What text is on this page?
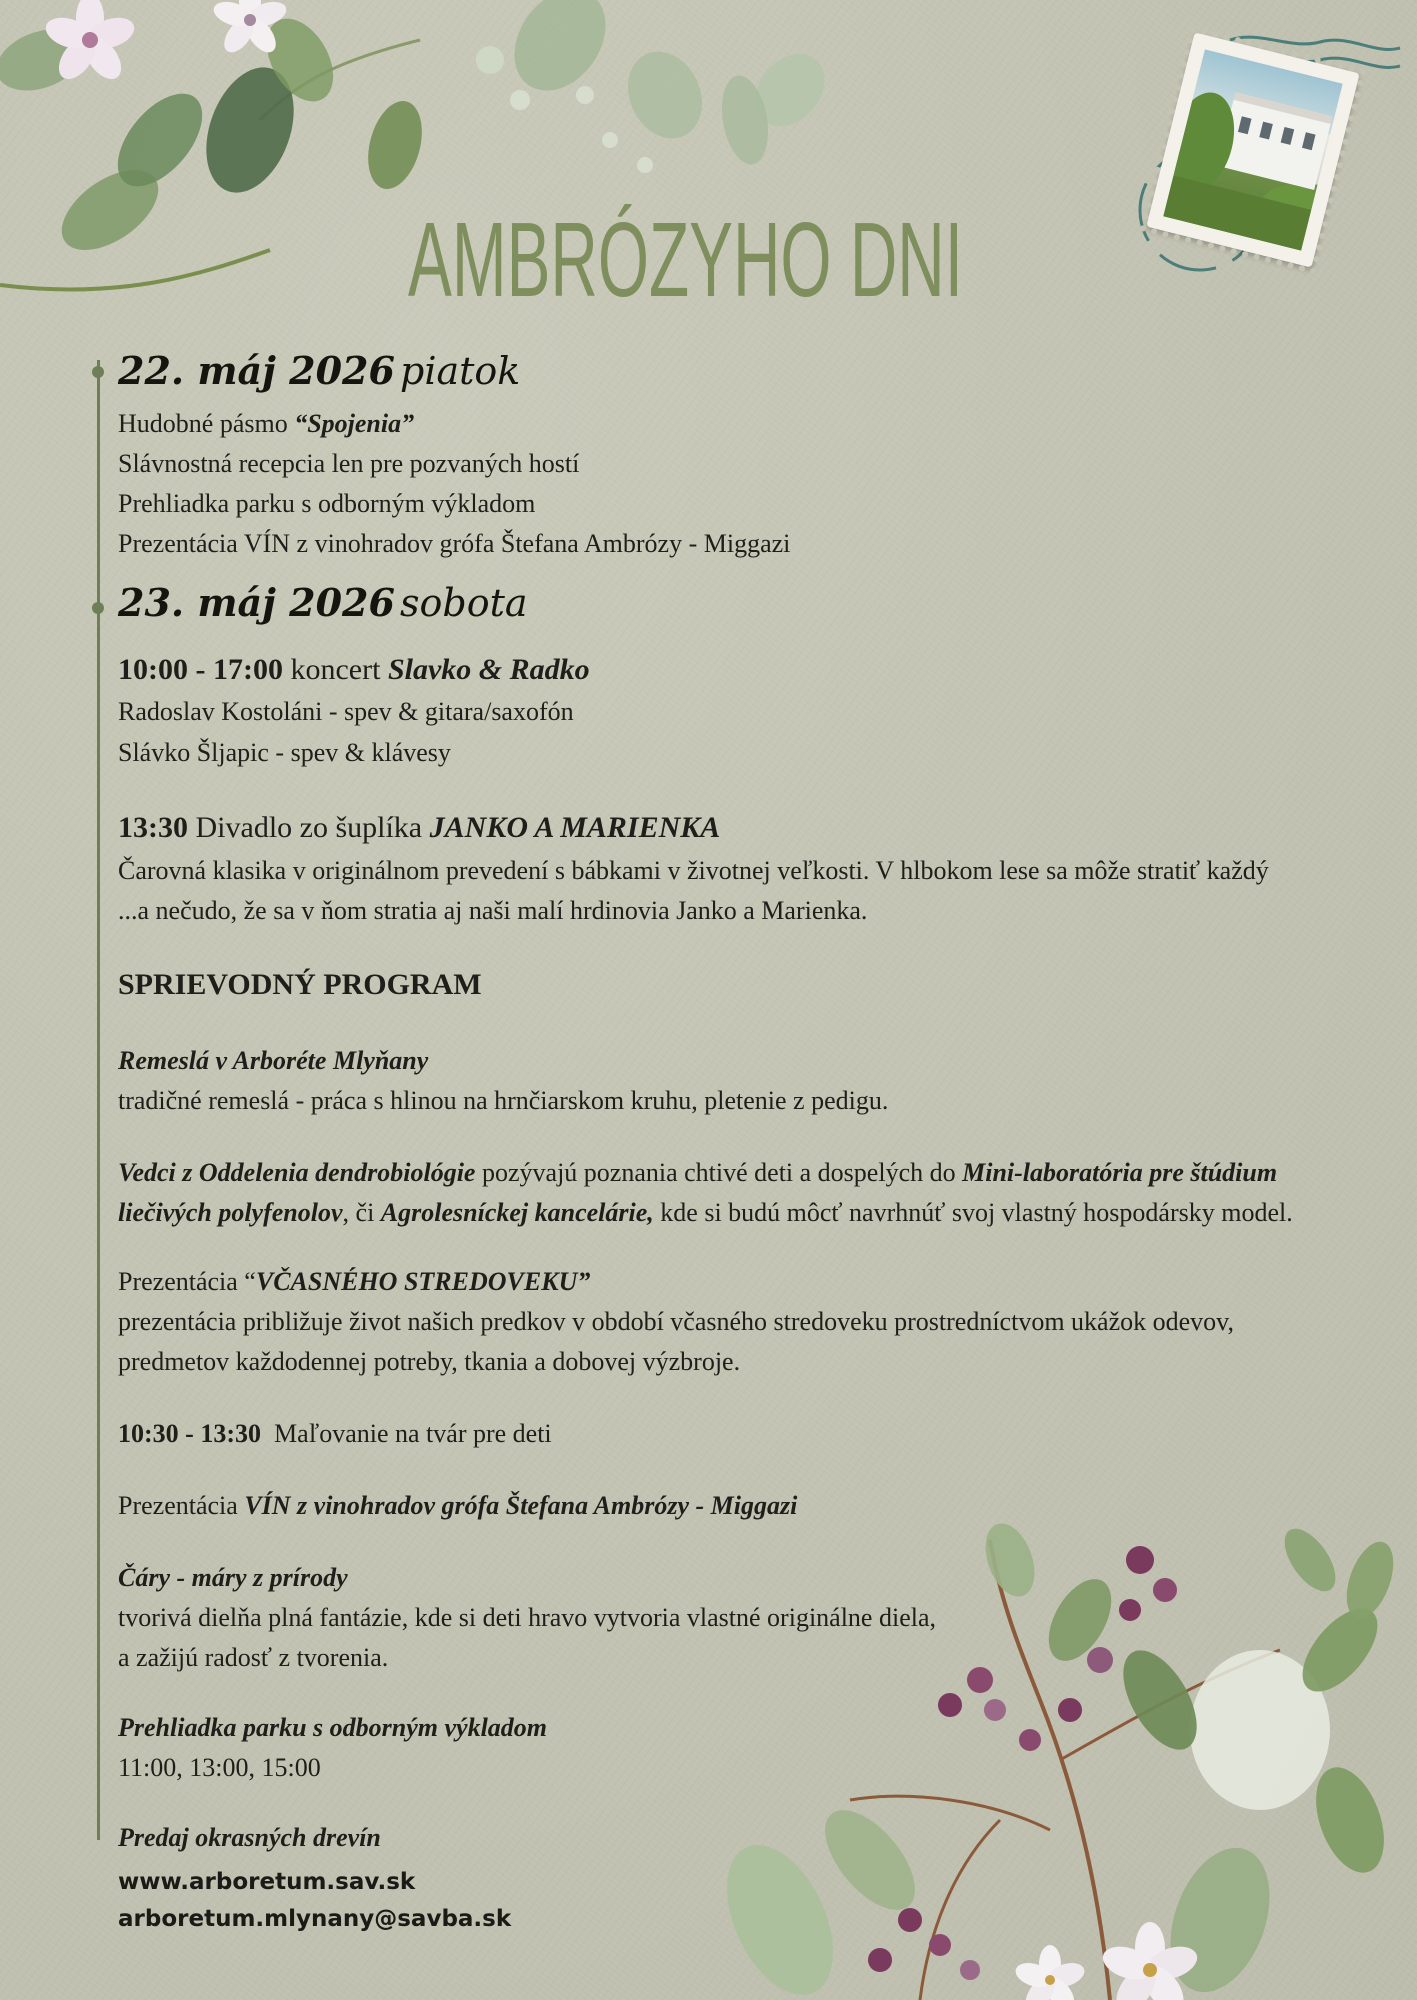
AMBRÓZYHO DNI

22. máj 2026 piatok

Hudobné pásmo “Spojenia”

Slávnostná recepcia len pre pozvaných hostí

Prehliadka parku s odborným výkladom

Prezentácia VÍN z vinohradov grófa Štefana Ambrózy - Miggazi

23. máj 2026 sobota

10:00 - 17:00 koncert Slavko & Radko

Radoslav Kostoláni - spev & gitara/saxofón

Slávko Šljapic - spev & klávesy

13:30 Divadlo zo šuplíka JANKO A MARIENKA

Čarovná klasika v originálnom prevedení s bábkami v životnej veľkosti. V hlbokom lese sa môže stratiť každý

...a nečudo, že sa v ňom stratia aj naši malí hrdinovia Janko a Marienka.

SPRIEVODNÝ PROGRAM

Remeslá v Arboréte Mlyňany

tradičné remeslá - práca s hlinou na hrnčiarskom kruhu, pletenie z pedigu.

Vedci z Oddelenia dendrobiológie pozývajú poznania chtivé deti a dospelých do Mini-laboratória pre štúdium

liečivých polyfenolov, či Agrolesníckej kancelárie, kde si budú môcť navrhnúť svoj vlastný hospodársky model.

Prezentácia “VČASNÉHO STREDOVEKU”

prezentácia približuje život našich predkov v období včasného stredoveku prostredníctvom ukážok odevov,

predmetov každodennej potreby, tkania a dobovej výzbroje.

10:30 - 13:30  Maľovanie na tvár pre deti

Prezentácia VÍN z vinohradov grófa Štefana Ambrózy - Miggazi

Čáry - máry z prírody

tvorivá dielňa plná fantázie, kde si deti hravo vytvoria vlastné originálne diela,

a zažijú radosť z tvorenia.

Prehliadka parku s odborným výkladom

11:00, 13:00, 15:00

Predaj okrasných drevín

www.arboretum.sav.sk

arboretum.mlynany@savba.sk
